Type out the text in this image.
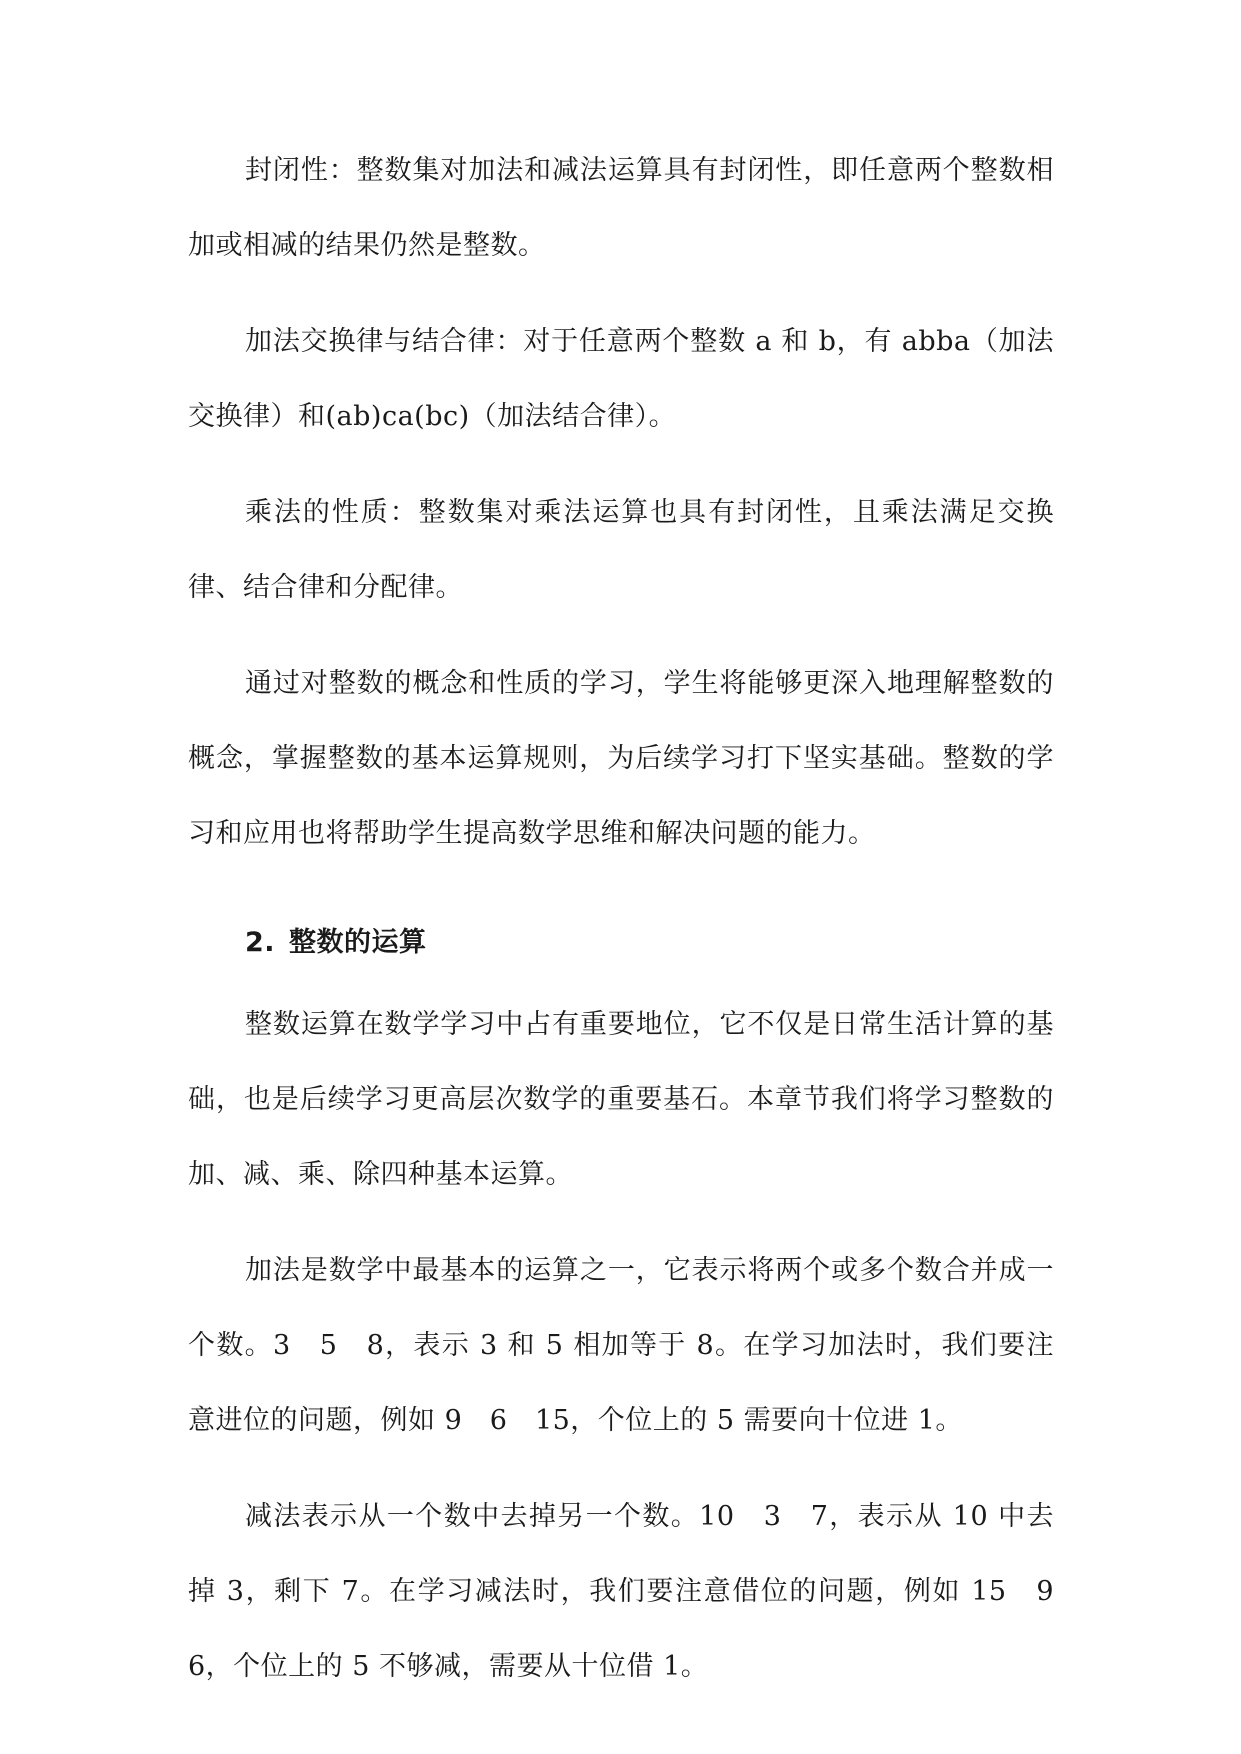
封闭性：整数集对加法和减法运算具有封闭性，即任意两个整数相加或相减的结果仍然是整数。

加法交换律与结合律：对于任意两个整数 a 和 b，有 abba（加法交换律）和(ab)ca(bc)（加法结合律）。

乘法的性质：整数集对乘法运算也具有封闭性，且乘法满足交换律、结合律和分配律。

通过对整数的概念和性质的学习，学生将能够更深入地理解整数的概念，掌握整数的基本运算规则，为后续学习打下坚实基础。整数的学习和应用也将帮助学生提高数学思维和解决问题的能力。

2. 整数的运算

整数运算在数学学习中占有重要地位，它不仅是日常生活计算的基础，也是后续学习更高层次数学的重要基石。本章节我们将学习整数的加、减、乘、除四种基本运算。

加法是数学中最基本的运算之一，它表示将两个或多个数合并成一个数。3　5　8，表示 3 和 5 相加等于 8。在学习加法时，我们要注意进位的问题，例如 9　6　15，个位上的 5 需要向十位进 1。

减法表示从一个数中去掉另一个数。10　3　7，表示从 10 中去掉 3，剩下 7。在学习减法时，我们要注意借位的问题，例如 15　9　6，个位上的 5 不够减，需要从十位借 1。
